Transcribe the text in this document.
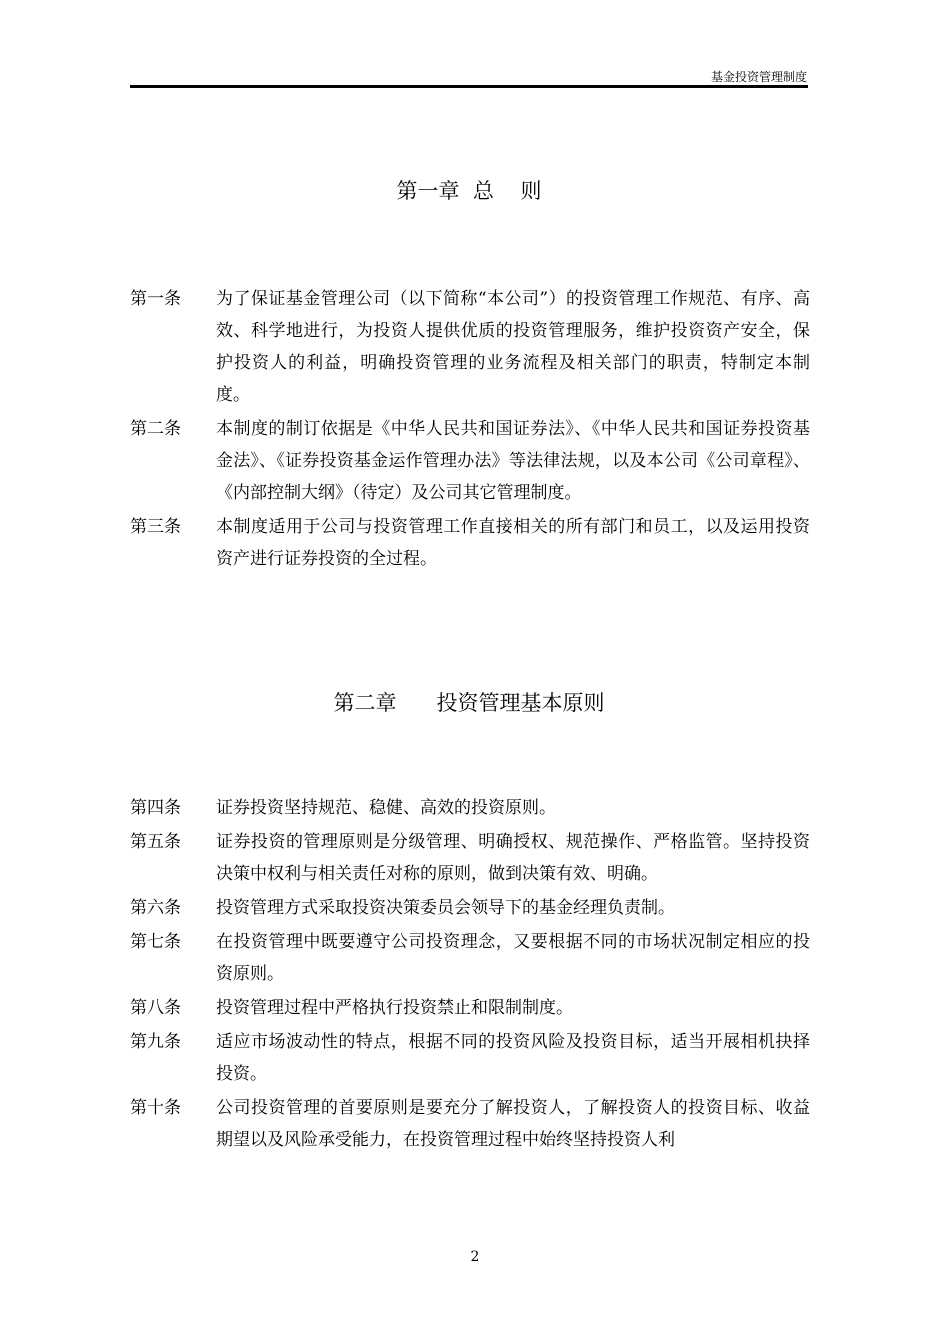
基金投资管理制度
第一章  总    则
第一条	为了保证基金管理公司（以下简称“本公司”）的投资管理工作规范、有序、高效、科学地进行，为投资人提供优质的投资管理服务，维护投资资产安全，保护投资人的利益，明确投资管理的业务流程及相关部门的职责，特制定本制度。
第二条	本制度的制订依据是《中华人民共和国证券法》、《中华人民共和国证券投资基金法》、《证券投资基金运作管理办法》等法律法规，以及本公司《公司章程》、《内部控制大纲》（待定）及公司其它管理制度。
第三条	本制度适用于公司与投资管理工作直接相关的所有部门和员工，以及运用投资资产进行证券投资的全过程。
第二章      投资管理基本原则
第四条	证券投资坚持规范、稳健、高效的投资原则。
第五条	证券投资的管理原则是分级管理、明确授权、规范操作、严格监管。坚持投资决策中权利与相关责任对称的原则，做到决策有效、明确。
第六条	投资管理方式采取投资决策委员会领导下的基金经理负责制。
第七条	在投资管理中既要遵守公司投资理念，又要根据不同的市场状况制定相应的投资原则。
第八条	投资管理过程中严格执行投资禁止和限制制度。
第九条	适应市场波动性的特点，根据不同的投资风险及投资目标，适当开展相机抉择投资。
第十条	公司投资管理的首要原则是要充分了解投资人，了解投资人的投资目标、收益期望以及风险承受能力，在投资管理过程中始终坚持投资人利
2
